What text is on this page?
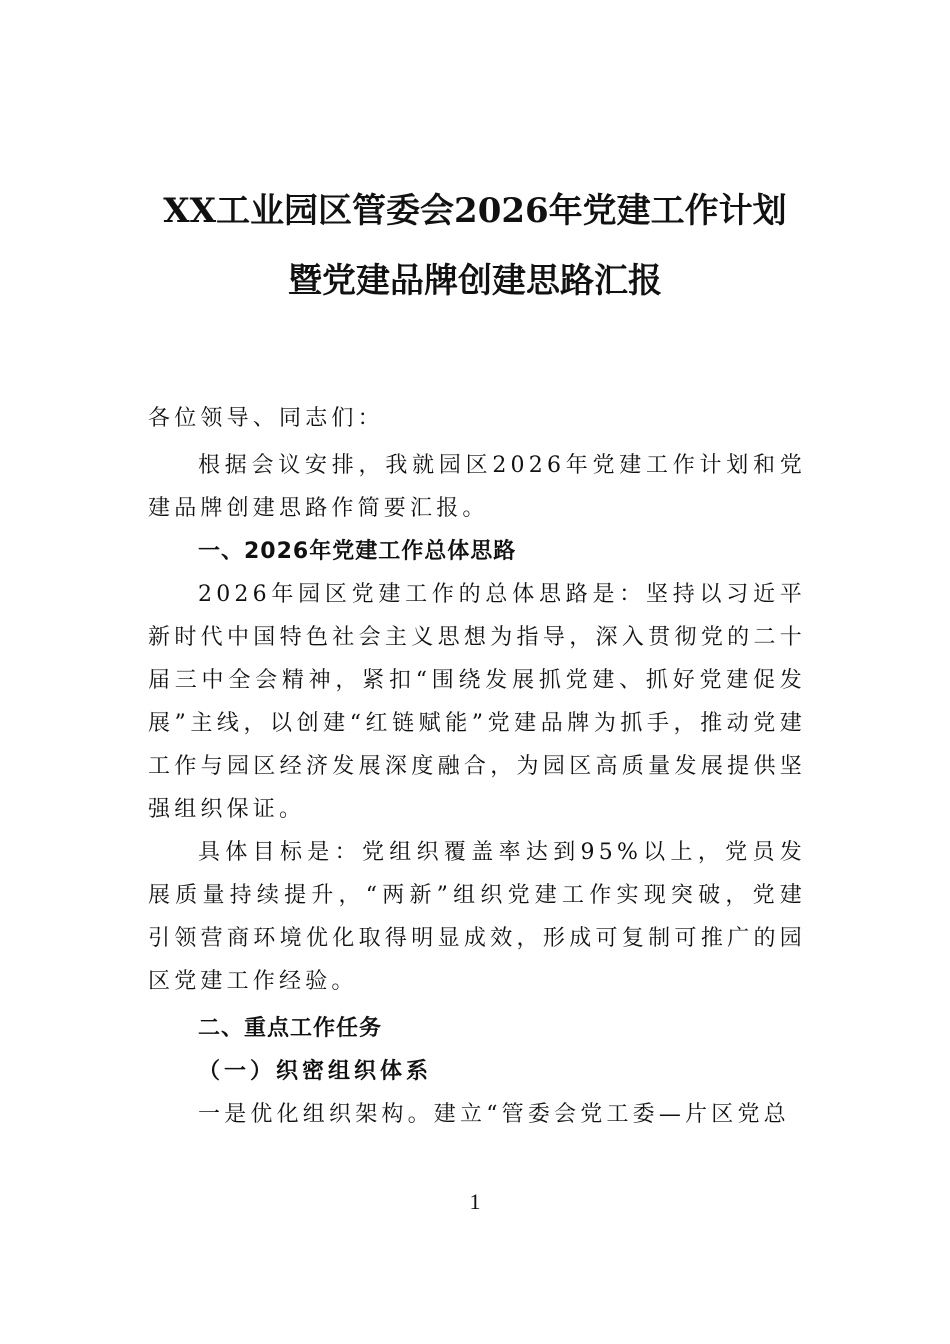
XX工业园区管委会2026年党建工作计划
暨党建品牌创建思路汇报

各位领导、同志们：

根据会议安排，我就园区2026年党建工作计划和党建品牌创建思路作简要汇报。

一、2026年党建工作总体思路

2026年园区党建工作的总体思路是：坚持以习近平新时代中国特色社会主义思想为指导，深入贯彻党的二十届三中全会精神，紧扣“围绕发展抓党建、抓好党建促发展”主线，以创建“红链赋能”党建品牌为抓手，推动党建工作与园区经济发展深度融合，为园区高质量发展提供坚强组织保证。

具体目标是：党组织覆盖率达到95%以上，党员发展质量持续提升，“两新”组织党建工作实现突破，党建引领营商环境优化取得明显成效，形成可复制可推广的园区党建工作经验。

二、重点工作任务

（一）织密组织体系

一是优化组织架构。建立“管委会党工委—片区党总

1
